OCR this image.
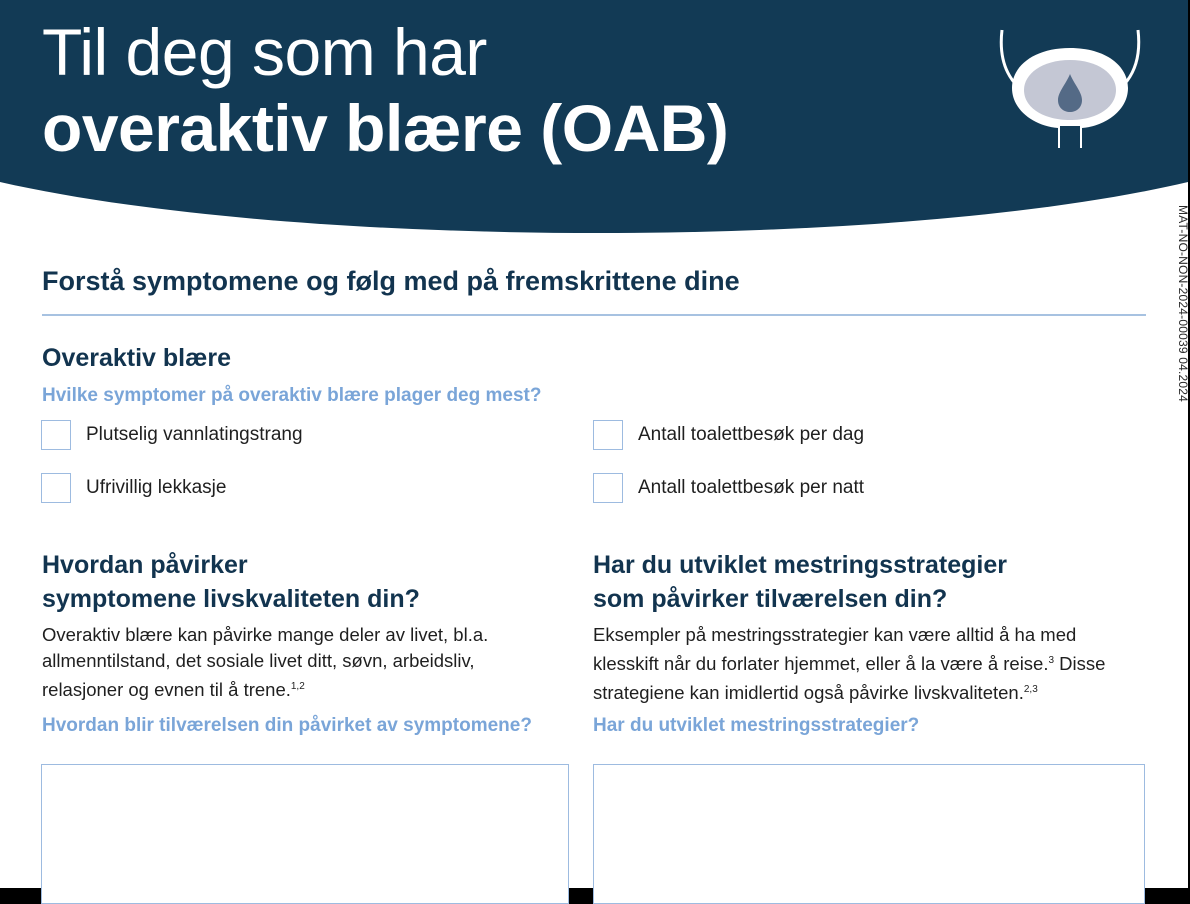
Til deg som har
overaktiv blære (OAB)
MAT-NO-NON-2024-00039 04.2024
Forstå symptomene og følg med på fremskrittene dine
Overaktiv blære
Hvilke symptomer på overaktiv blære plager deg mest?
Plutselig vannlatingstrang
Ufrivillig lekkasje
Antall toalettbesøk per dag
Antall toalettbesøk per natt
Hvordan påvirker
symptomene livskvaliteten din?
Overaktiv blære kan påvirke mange deler av livet, bl.a.
allmenntilstand, det sosiale livet ditt, søvn, arbeidsliv,
relasjoner og evnen til å trene.$^{1,2}$
Hvordan blir tilværelsen din påvirket av symptomene?
Har du utviklet mestringsstrategier
som påvirker tilværelsen din?
Eksempler på mestringsstrategier kan være alltid å ha med
klesskift når du forlater hjemmet, eller å la være å reise.$^3$ Disse
strategiene kan imidlertid også påvirke livskvaliteten.$^{2,3}$
Har du utviklet mestringsstrategier?
